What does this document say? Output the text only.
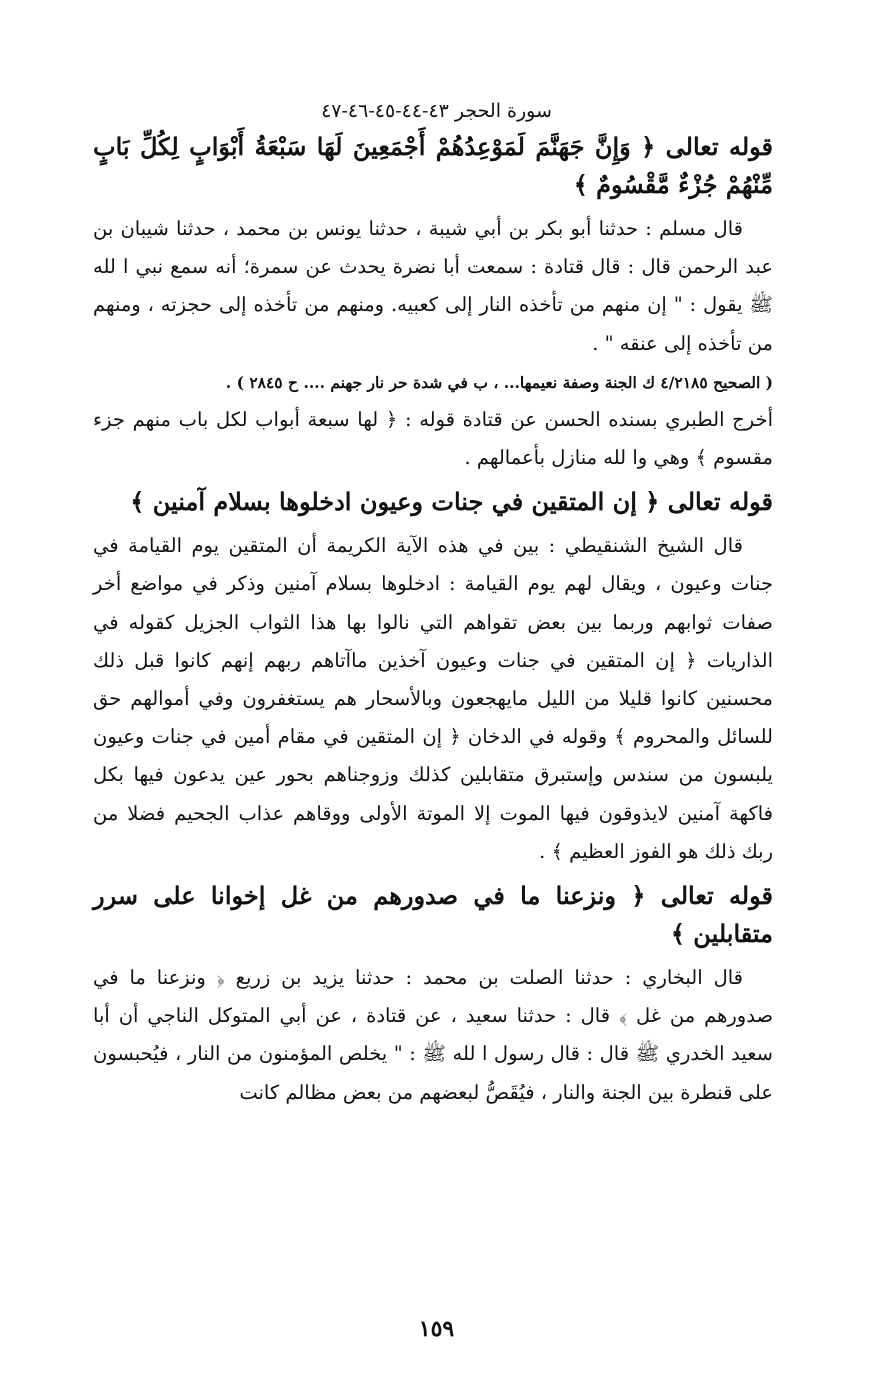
سورة الحجر ٤٣-٤٤-٤٥-٤٦-٤٧
قوله تعالى ﴿ وَإِنَّ جَهَنَّمَ لَمَوْعِدُهُمْ أَجْمَعِينَ لَهَا سَبْعَةُ أَبْوَابٍ لِكُلِّ بَابٍ مِّنْهُمْ جُزْءٌ مَّقْسُومٌ ﴾

قال مسلم : حدثنا أبو بكر بن أبي شيبة ، حدثنا يونس بن محمد ، حدثنا شيبان بن عبد الرحمن قال : قال قتادة : سمعت أبا نضرة يحدث عن سمرة؛ أنه سمع نبي ا لله ﷺ يقول : " إن منهم من تأخذه النار إلى كعبيه. ومنهم من تأخذه إلى حجزته ، ومنهم من تأخذه إلى عنقه " .

( الصحيح ٤/٢١٨٥ ك الجنة وصفة نعيمها... ، ب في شدة حر نار جهنم .... ح ٢٨٤٥ ) .

أخرج الطبري بسنده الحسن عن قتادة قوله : ﴿ لها سبعة أبواب لكل باب منهم جزء مقسوم ﴾ وهي وا لله منازل بأعمالهم .

قوله تعالى ﴿ إن المتقين في جنات وعيون ادخلوها بسلام آمنين ﴾

قال الشيخ الشنقيطي : بين في هذه الآية الكريمة أن المتقين يوم القيامة في جنات وعيون ، ويقال لهم يوم القيامة : ادخلوها بسلام آمنين وذكر في مواضع أخر صفات ثوابهم وربما بين بعض تقواهم التي نالوا بها هذا الثواب الجزيل كقوله في الذاريات ﴿ إن المتقين في جنات وعيون آخذين ماآتاهم ربهم إنهم كانوا قبل ذلك محسنين كانوا قليلا من الليل مايهجعون وبالأسحار هم يستغفرون وفي أموالهم حق للسائل والمحروم ﴾ وقوله في الدخان ﴿ إن المتقين في مقام أمين في جنات وعيون يلبسون من سندس وإستبرق متقابلين كذلك وزوجناهم بحور عين يدعون فيها بكل فاكهة آمنين لايذوقون فيها الموت إلا الموتة الأولى ووقاهم عذاب الجحيم فضلا من ربك ذلك هو الفوز العظيم ﴾ .

قوله تعالى ﴿ ونزعنا ما في صدورهم من غل إخوانا على سرر متقابلين ﴾

قال البخاري : حدثنا الصلت بن محمد : حدثنا يزيد بن زريع ﴿ ونزعنا ما في صدورهم من غل ﴾ قال : حدثنا سعيد ، عن قتادة ، عن أبي المتوكل الناجي أن أبا سعيد الخدري ﷺ قال : قال رسول ا لله ﷺ : " يخلص المؤمنون من النار ، فيُحبسون على قنطرة بين الجنة والنار ، فيُقَصُّ لبعضهم من بعض مظالم كانت

١٥٩
